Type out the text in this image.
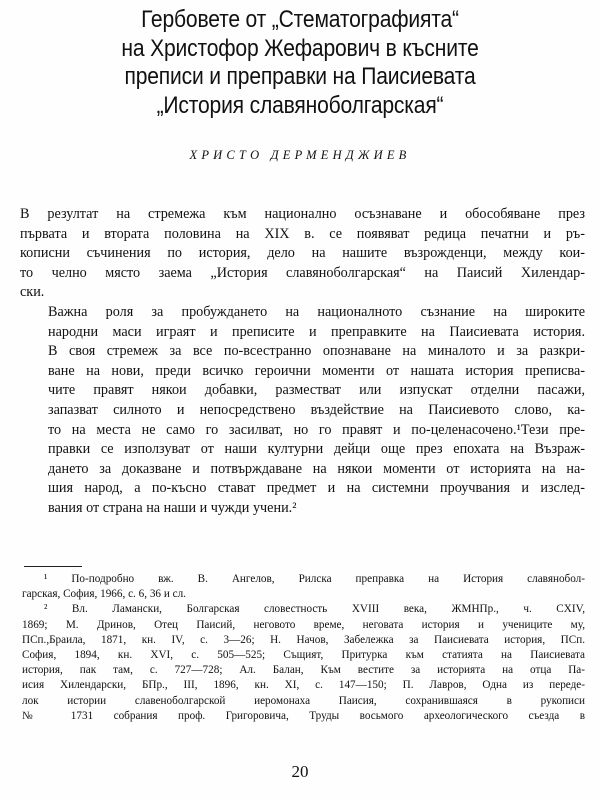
Гербовете от „Стематографията“
на Христофор Жефарович в късните
преписи и преправки на Паисиевата
„История славянοболгарская“
ХРИСТО ДЕРМЕНДЖИЕВ

В резултат на стремежа към национално осъзнаване и обособяване през
първата и втората половина на XIX в. се появяват редица печатни и ръ-
кописни съчинения по история, дело на нашите възрожденци, между кои-
то челно място заема „История славяноболгарская“ на Паисий Хилендар-
ски.

Важна роля за пробуждането на националното съзнание на широките
народни маси играят и преписите и преправките на Паисиевата история.
В своя стремеж за все по-всестранно опознаване на миналото и за разкри-
ване на нови, преди всичко героични моменти от нашата история преписва-
чите правят някои добавки, разместват или изпускат отделни пасажи,
запазват силното и непосредствено въздействие на Паисиевото слово, ка-
то на места не само го засилват, но го правят и по-целенасочено.¹Тези пре-
правки се използуват от наши културни дейци още през епохата на Възраж-
дането за доказване и потвърждаване на някои моменти от историята на на-
шия народ, а по-късно стават предмет и на системни проучвания и изслед-
вания от страна на наши и чужди учени.²

¹ По-подробно вж. В. Ангелов, Рилска преправка на История славянобол-
гарская, София, 1966, с. 6, 36 и сл.
² Вл. Ламански, Болгарская словестность XVIII века, ЖМНПр., ч. CXIV,
1869; М. Дринов, Отец Паисий, неговото време, неговата история и учениците му,
ПСп.,Браила, 1871, кн. IV, с. 3—26; Н. Начов, Забележка за Паисиевата история, ПСп.
София, 1894, кн. XVI, с. 505—525; Същият, Притурка към статията на Паисиевата
история, пак там, с. 727—728; Ал. Балан, Към вестите за историята на отца Па-
исия Хилендарски, БПр., III, 1896, кн. XI, с. 147—150; П. Лавров, Одна из переде-
лок истории славенoболгарской иеромонаха Паисия, сохранившаяся в рукописи
№ 1731 собрания проф. Григоровича, Труды восьмого археологического съезда в
20
